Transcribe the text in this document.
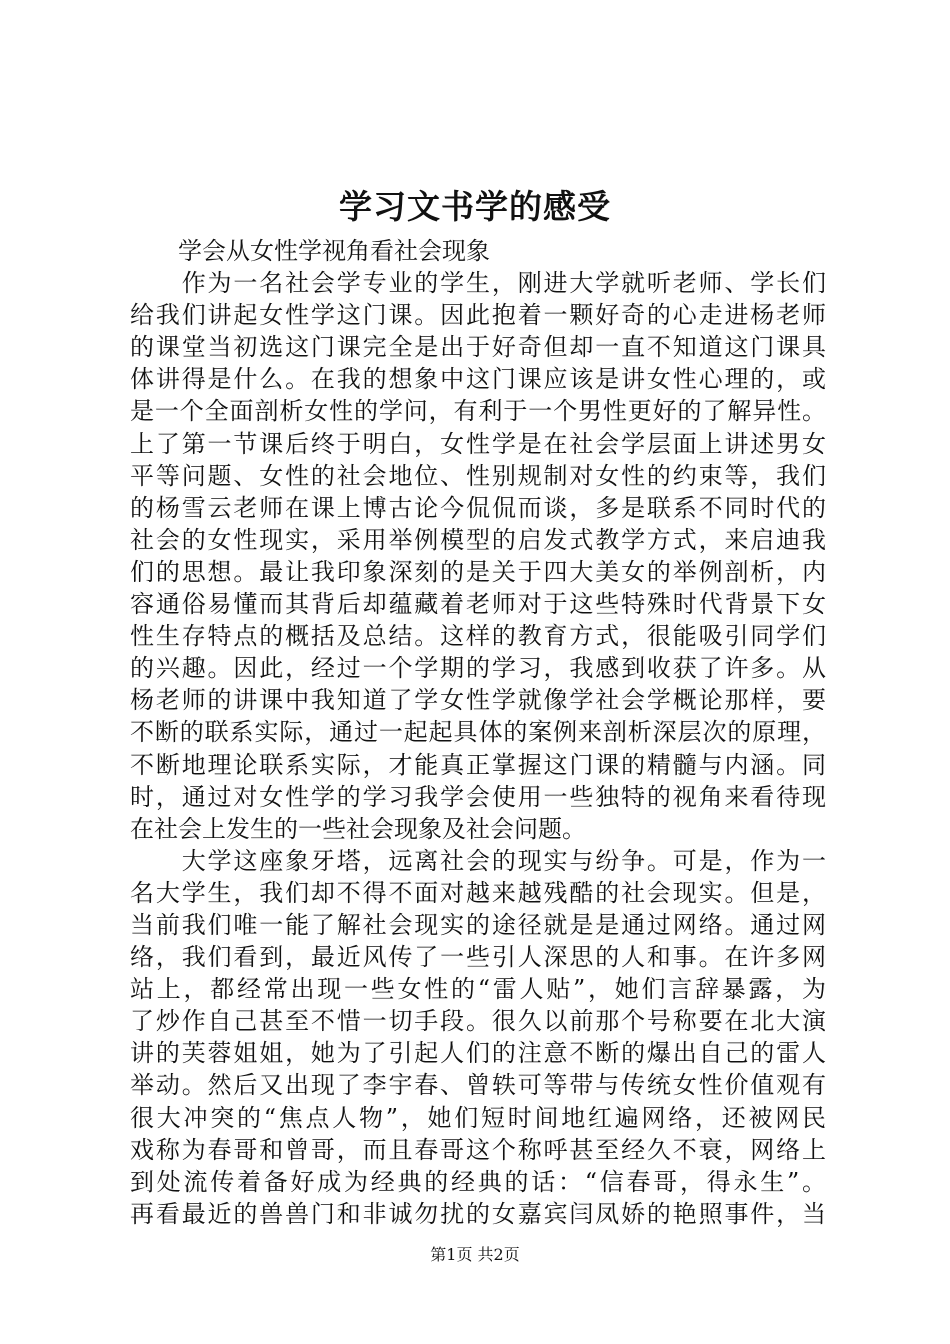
学习文书学的感受
学会从女性学视角看社会现象
　　作为一名社会学专业的学生，刚进大学就听老师、学长们
给我们讲起女性学这门课。因此抱着一颗好奇的心走进杨老师
的课堂当初选这门课完全是出于好奇但却一直不知道这门课具
体讲得是什么。在我的想象中这门课应该是讲女性心理的，或
是一个全面剖析女性的学问，有利于一个男性更好的了解异性。
上了第一节课后终于明白，女性学是在社会学层面上讲述男女
平等问题、女性的社会地位、性别规制对女性的约束等，我们
的杨雪云老师在课上博古论今侃侃而谈，多是联系不同时代的
社会的女性现实，采用举例模型的启发式教学方式，来启迪我
们的思想。最让我印象深刻的是关于四大美女的举例剖析，内
容通俗易懂而其背后却蕴藏着老师对于这些特殊时代背景下女
性生存特点的概括及总结。这样的教育方式，很能吸引同学们
的兴趣。因此，经过一个学期的学习，我感到收获了许多。从
杨老师的讲课中我知道了学女性学就像学社会学概论那样，要
不断的联系实际，通过一起起具体的案例来剖析深层次的原理，
不断地理论联系实际，才能真正掌握这门课的精髓与内涵。同
时，通过对女性学的学习我学会使用一些独特的视角来看待现
在社会上发生的一些社会现象及社会问题。
　　大学这座象牙塔，远离社会的现实与纷争。可是，作为一
名大学生，我们却不得不面对越来越残酷的社会现实。但是，
当前我们唯一能了解社会现实的途径就是是通过网络。通过网
络，我们看到，最近风传了一些引人深思的人和事。在许多网
站上，都经常出现一些女性的“雷人贴”，她们言辞暴露，为
了炒作自己甚至不惜一切手段。很久以前那个号称要在北大演
讲的芙蓉姐姐，她为了引起人们的注意不断的爆出自己的雷人
举动。然后又出现了李宇春、曾轶可等带与传统女性价值观有
很大冲突的“焦点人物”，她们短时间地红遍网络，还被网民
戏称为春哥和曾哥，而且春哥这个称呼甚至经久不衰，网络上
到处流传着备好成为经典的经典的话：“信春哥，得永生”。
再看最近的兽兽门和非诚勿扰的女嘉宾闫凤娇的艳照事件，当
第1页 共2页
